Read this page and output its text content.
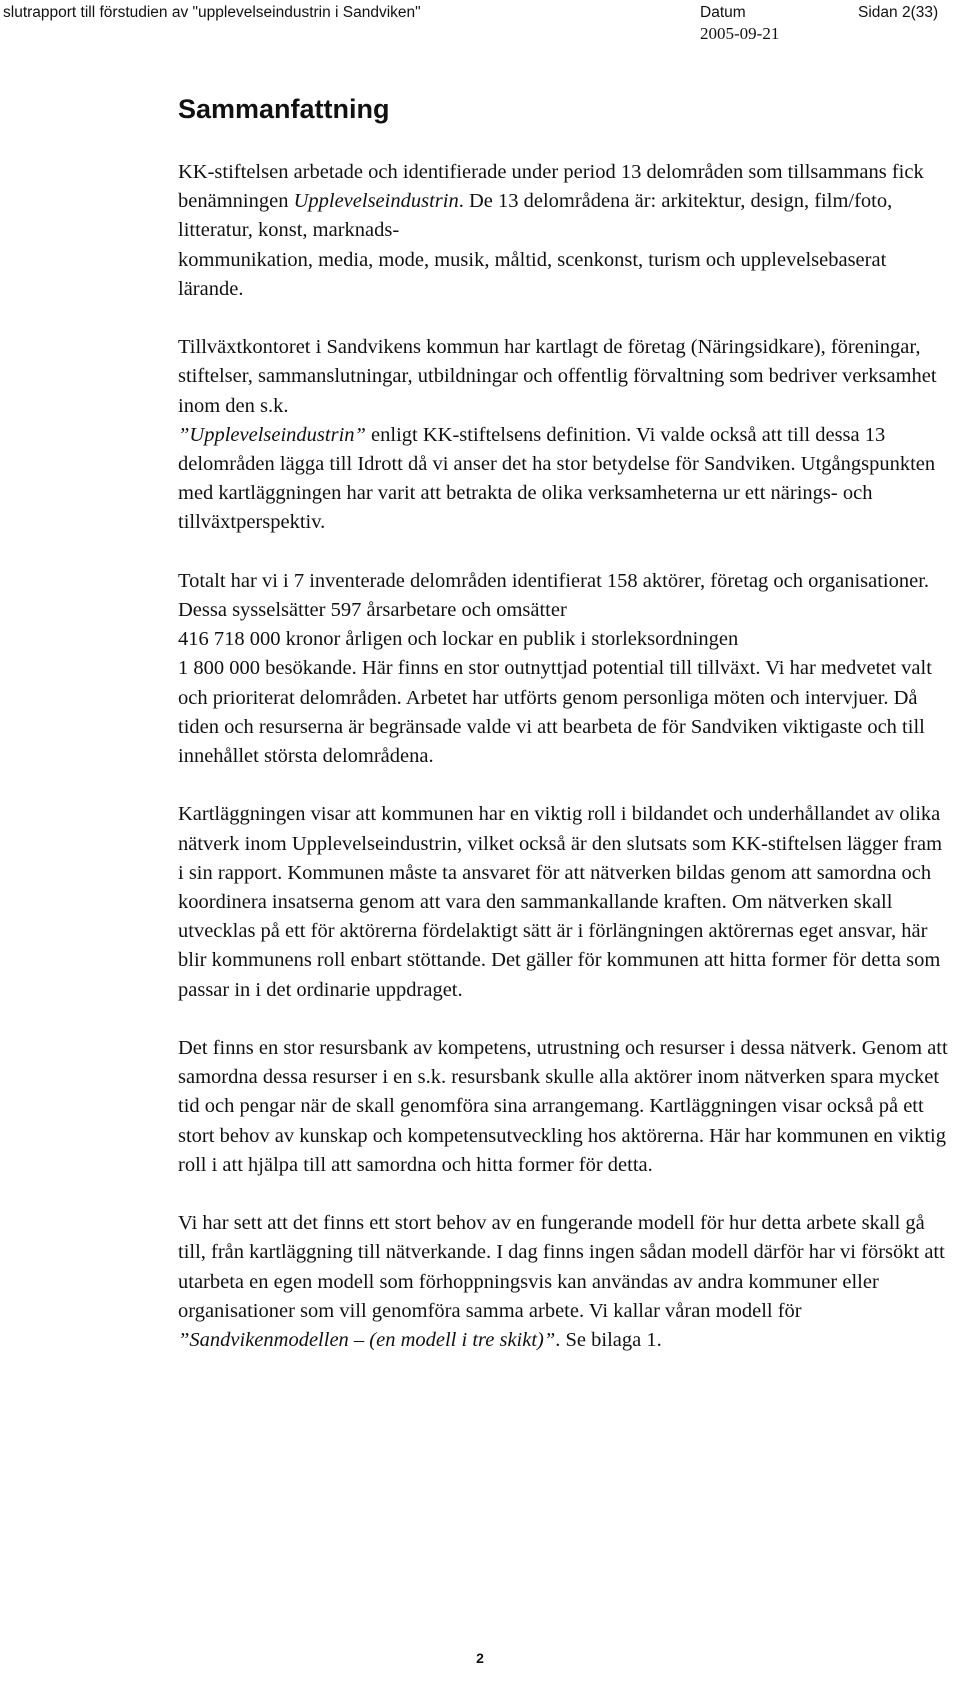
slutrapport till förstudien av "upplevelseindustrin i Sandviken"	Datum	Sidan 2(33)
2005-09-21
Sammanfattning

KK-stiftelsen arbetade och identifierade under period 13 delområden som tillsammans fick benämningen Upplevelseindustrin. De 13 delområdena är: arkitektur, design, film/foto, litteratur, konst, marknads-
kommunikation, media, mode, musik, måltid, scenkonst, turism och upplevelsebaserat lärande.

Tillväxtkontoret i Sandvikens kommun har kartlagt de företag (Näringsidkare), föreningar, stiftelser, sammanslutningar, utbildningar och offentlig förvaltning som bedriver verksamhet inom den s.k.
”Upplevelseindustrin” enligt KK-stiftelsens definition. Vi valde också att till dessa 13 delområden lägga till Idrott då vi anser det ha stor betydelse för Sandviken. Utgångspunkten med kartläggningen har varit att betrakta de olika verksamheterna ur ett närings- och tillväxtperspektiv.

Totalt har vi i 7 inventerade delområden identifierat 158 aktörer, företag och organisationer. Dessa sysselsätter 597 årsarbetare och omsätter
416 718 000 kronor årligen och lockar en publik i storleksordningen
1 800 000 besökande. Här finns en stor outnyttjad potential till tillväxt. Vi har medvetet valt och prioriterat delområden. Arbetet har utförts genom personliga möten och intervjuer. Då tiden och resurserna är begränsade valde vi att bearbeta de för Sandviken viktigaste och till innehållet största delområdena.

Kartläggningen visar att kommunen har en viktig roll i bildandet och underhållandet av olika nätverk inom Upplevelseindustrin, vilket också är den slutsats som KK-stiftelsen lägger fram i sin rapport. Kommunen måste ta ansvaret för att nätverken bildas genom att samordna och koordinera insatserna genom att vara den sammankallande kraften. Om nätverken skall utvecklas på ett för aktörerna fördelaktigt sätt är i förlängningen aktörernas eget ansvar, här blir kommunens roll enbart stöttande. Det gäller för kommunen att hitta former för detta som passar in i det ordinarie uppdraget.

Det finns en stor resursbank av kompetens, utrustning och resurser i dessa nätverk. Genom att samordna dessa resurser i en s.k. resursbank skulle alla aktörer inom nätverken spara mycket tid och pengar när de skall genomföra sina arrangemang. Kartläggningen visar också på ett stort behov av kunskap och kompetensutveckling hos aktörerna. Här har kommunen en viktig roll i att hjälpa till att samordna och hitta former för detta.

Vi har sett att det finns ett stort behov av en fungerande modell för hur detta arbete skall gå till, från kartläggning till nätverkande. I dag finns ingen sådan modell därför har vi försökt att utarbeta en egen modell som förhoppningsvis kan användas av andra kommuner eller organisationer som vill genomföra samma arbete. Vi kallar våran modell för
”Sandvikenmodellen – (en modell i tre skikt)”. Se bilaga 1.

2
